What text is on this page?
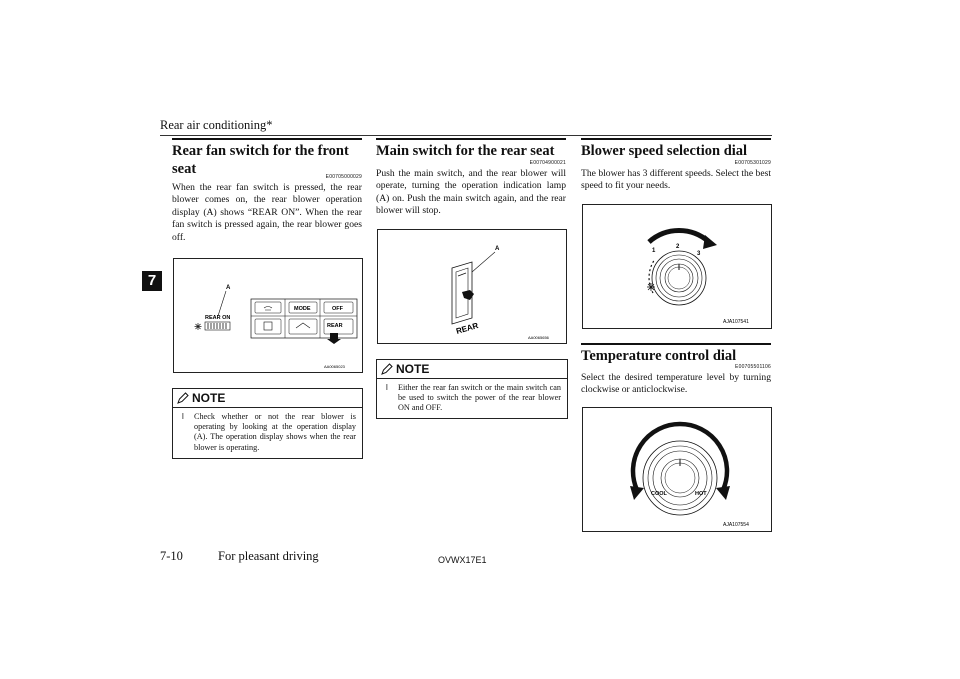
Rear air conditioning*
7
Rear fan switch for the front seat	E00705000029
When the rear fan switch is pressed, the rear blower comes on, the rear blower operation display (A) shows “REAR ON”. When the rear fan switch is pressed again, the rear blower goes off.
A
REAR ON
MODE	OFF
REAR
AA0065023
NOTE
l Check whether or not the rear blower is operating by looking at the operation display (A). The operation display shows when the rear blower is operating.
Main switch for the rear seat
E00704900021
Push the main switch, and the rear blower will operate, turning the operation indication lamp (A) on. Push the main switch again, and the rear blower will stop.
A
REAR
AA0065656
NOTE
l Either the rear fan switch or the main switch can be used to switch the power of the rear blower ON and OFF.
Blower speed selection dial
E00705301029
The blower has 3 different speeds. Select the best speed to fit your needs.
1
2
3
AJA107541
Temperature control dial
E00705501106
Select the desired temperature level by turning clockwise or anticlockwise.
COOL	HOT
AJA107554
7-10	For pleasant driving	OVWX17E1
